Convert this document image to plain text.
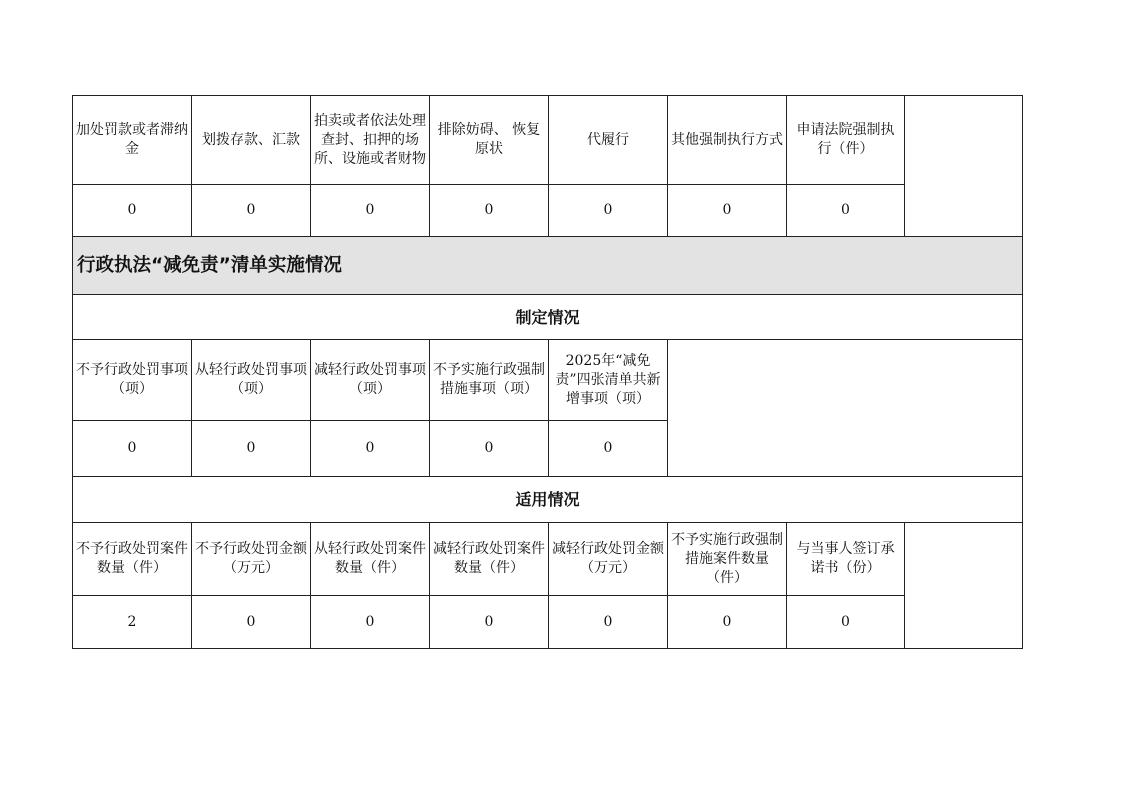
加处罚款或者滞纳金	划拨存款、汇款	拍卖或者依法处理查封、扣押的场所、设施或者财物	排除妨碍、 恢复原状	代履行	其他强制执行方式	申请法院强制执行（件）	
0	0	0	0	0	0	0	
行政执法“减免责”清单实施情况							
制定情况							
不予行政处罚事项（项）	从轻行政处罚事项（项）	减轻行政处罚事项（项）	不予实施行政强制措施事项（项）	2025年“减免责”四张清单共新增事项（项）			
0	0	0	0	0			
适用情况							
不予行政处罚案件数量（件）	不予行政处罚金额（万元）	从轻行政处罚案件数量（件）	减轻行政处罚案件数量（件）	减轻行政处罚金额（万元）	不予实施行政强制措施案件数量（件）	与当事人签订承诺书（份）	
2	0	0	0	0	0	0	
